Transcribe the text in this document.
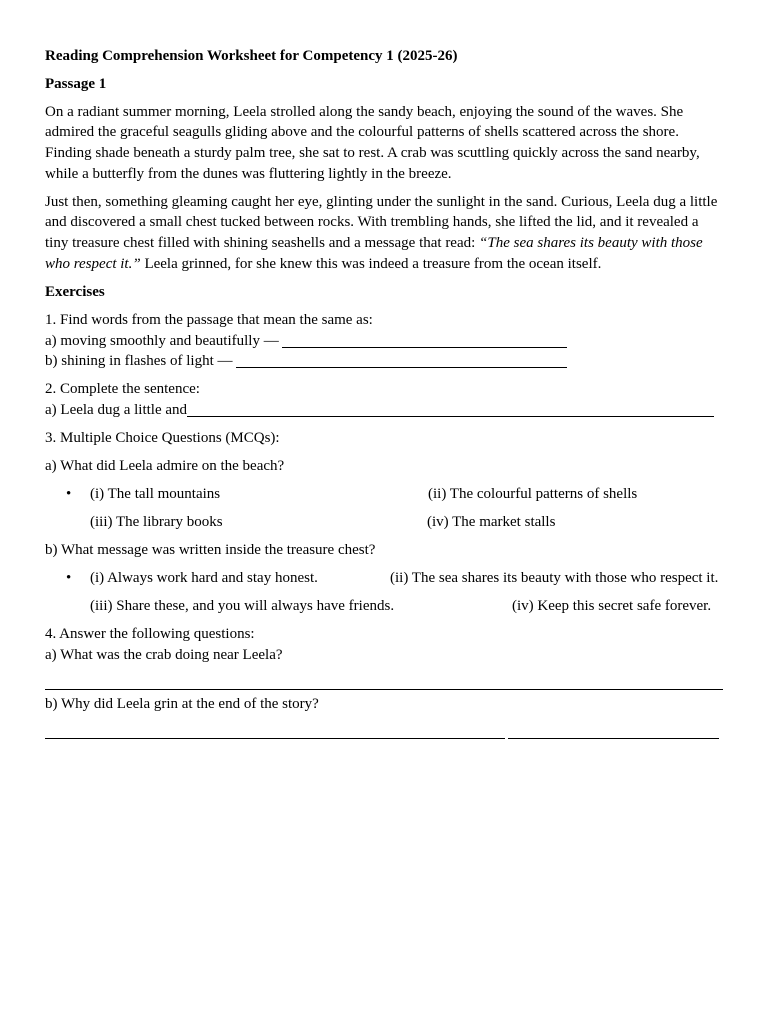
Reading Comprehension Worksheet for Competency 1 (2025-26)
Passage 1
On a radiant summer morning, Leela strolled along the sandy beach, enjoying the sound of the waves. She admired the graceful seagulls gliding above and the colourful patterns of shells scattered across the shore. Finding shade beneath a sturdy palm tree, she sat to rest. A crab was scuttling quickly across the sand nearby, while a butterfly from the dunes was fluttering lightly in the breeze.
Just then, something gleaming caught her eye, glinting under the sunlight in the sand. Curious, Leela dug a little and discovered a small chest tucked between rocks. With trembling hands, she lifted the lid, and it revealed a tiny treasure chest filled with shining seashells and a message that read: “The sea shares its beauty with those who respect it.” Leela grinned, for she knew this was indeed a treasure from the ocean itself.
Exercises
1. Find words from the passage that mean the same as:
a) moving smoothly and beautifully —
b) shining in flashes of light —
2. Complete the sentence:
a) Leela dug a little and
3. Multiple Choice Questions (MCQs):
a) What did Leela admire on the beach?
• (i) The tall mountains	(ii) The colourful patterns of shells
(iii) The library books	(iv) The market stalls
b) What message was written inside the treasure chest?
• (i) Always work hard and stay honest.	(ii) The sea shares its beauty with those who respect it.
(iii) Share these, and you will always have friends.	(iv) Keep this secret safe forever.
4. Answer the following questions:
a) What was the crab doing near Leela?
b) Why did Leela grin at the end of the story?
